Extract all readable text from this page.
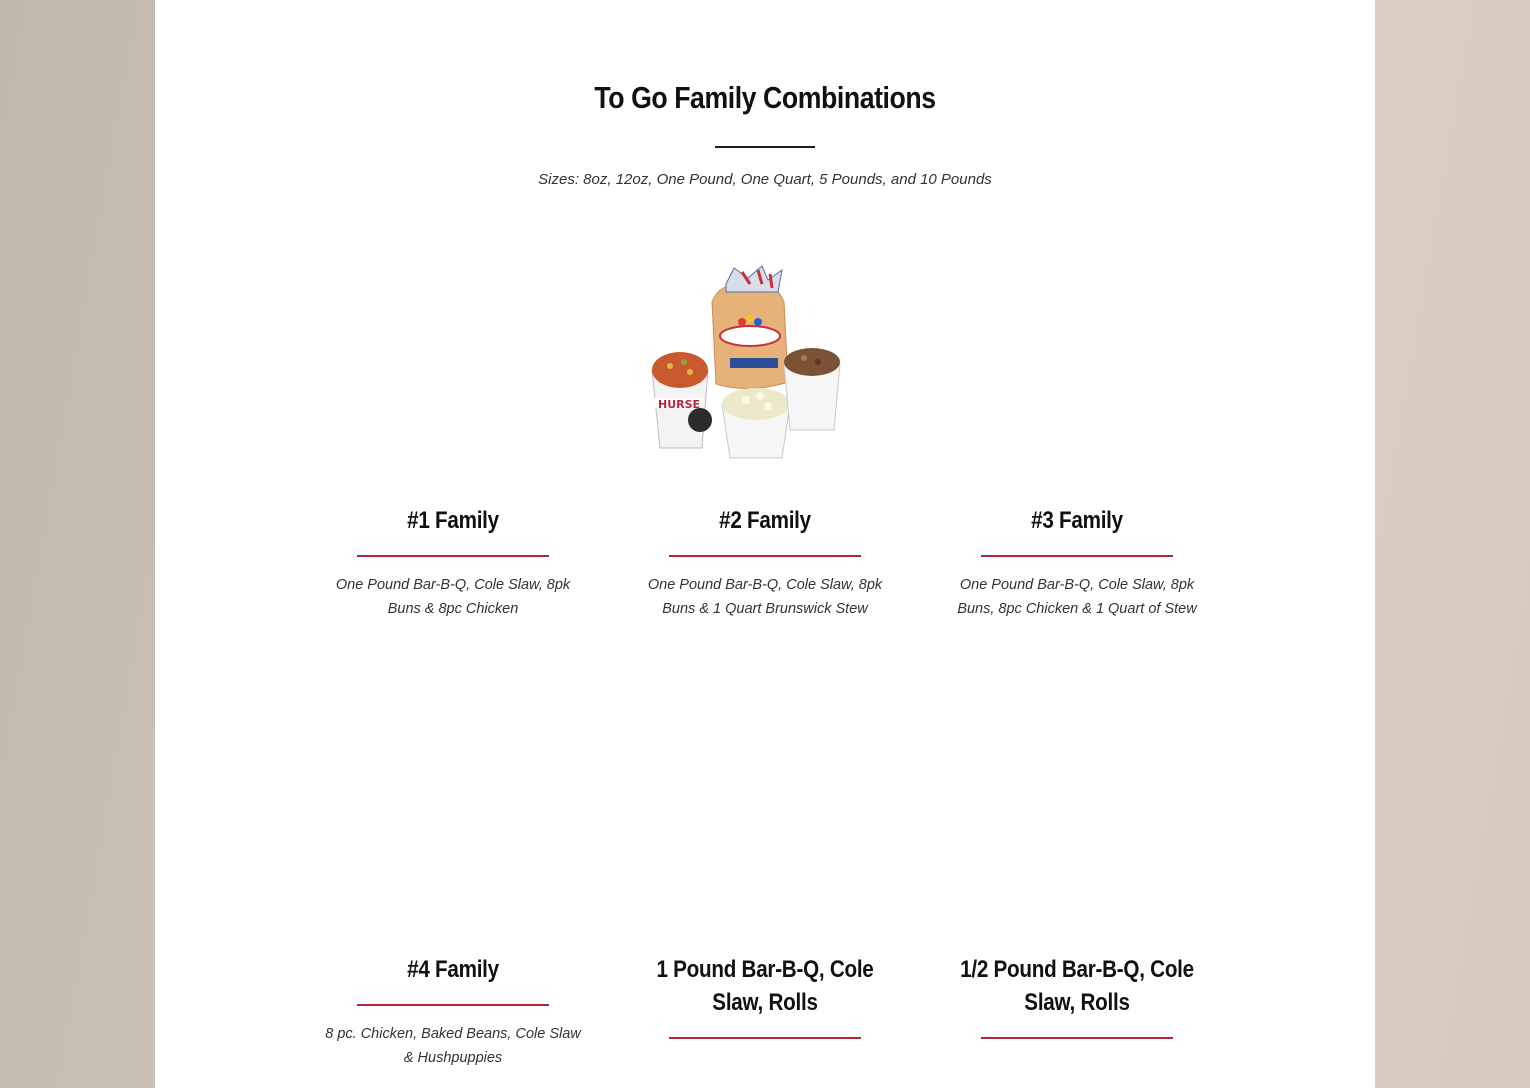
To Go Family Combinations
Sizes: 8oz, 12oz, One Pound, One Quart, 5 Pounds, and 10 Pounds
HURSE
#1 Family
One Pound Bar-B-Q, Cole Slaw, 8pk
Buns & 8pc Chicken
#2 Family
One Pound Bar-B-Q, Cole Slaw, 8pk
Buns & 1 Quart Brunswick Stew
#3 Family
One Pound Bar-B-Q, Cole Slaw, 8pk
Buns, 8pc Chicken & 1 Quart of Stew
#4 Family
8 pc. Chicken, Baked Beans, Cole Slaw
& Hushpuppies
1 Pound Bar-B-Q, Cole
Slaw, Rolls
1/2 Pound Bar-B-Q, Cole
Slaw, Rolls
